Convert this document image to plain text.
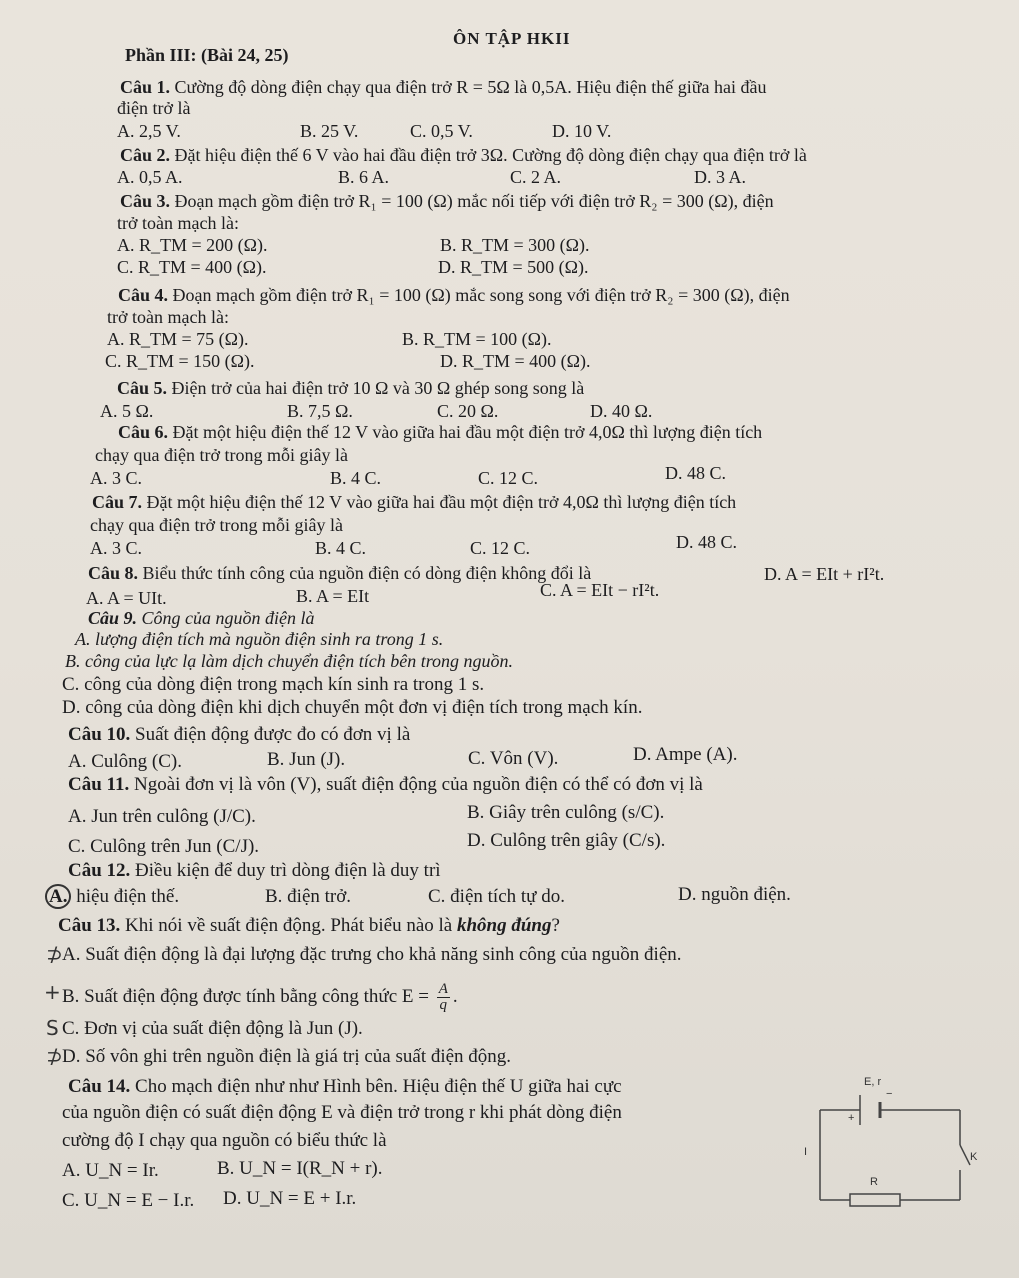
ÔN TẬP HKII
Phần III: (Bài 24, 25)
Câu 1. Cường độ dòng điện chạy qua điện trở R = 5Ω là 0,5A. Hiệu điện thế giữa hai đầu
điện trở là
A. 2,5 V.	B. 25 V.	C. 0,5 V.	D. 10 V.
Câu 2. Đặt hiệu điện thế 6 V vào hai đầu điện trở 3Ω. Cường độ dòng điện chạy qua điện trở là
A. 0,5 A.	B. 6 A.	C. 2 A.	D. 3 A.
Câu 3. Đoạn mạch gồm điện trở R₁ = 100 (Ω) mắc nối tiếp với điện trở R₂ = 300 (Ω), điện
trở toàn mạch là:
A. R_TM = 200 (Ω).	B. R_TM = 300 (Ω).
C. R_TM = 400 (Ω).	D. R_TM = 500 (Ω).
Câu 4. Đoạn mạch gồm điện trở R₁ = 100 (Ω) mắc song song với điện trở R₂ = 300 (Ω), điện
trở toàn mạch là:
A. R_TM = 75 (Ω).	B. R_TM = 100 (Ω).
C. R_TM = 150 (Ω).	D. R_TM = 400 (Ω).
Câu 5. Điện trở của hai điện trở 10 Ω và 30 Ω ghép song song là
A. 5 Ω.	B. 7,5 Ω.	C. 20 Ω.	D. 40 Ω.
Câu 6. Đặt một hiệu điện thế 12 V vào giữa hai đầu một điện trở 4,0Ω thì lượng điện tích
chạy qua điện trở trong mỗi giây là
A. 3 C.	B. 4 C.	C. 12 C.	D. 48 C.
Câu 7. Đặt một hiệu điện thế 12 V vào giữa hai đầu một điện trở 4,0Ω thì lượng điện tích
chạy qua điện trở trong mỗi giây là
A. 3 C.	B. 4 C.	C. 12 C.	D. 48 C.
Câu 8. Biểu thức tính công của nguồn điện có dòng điện không đổi là
A. A = UIt.	B. A = EIt	C. A = EIt − rI²t.
D. A = EIt + rI²t.
Câu 9. Công của nguồn điện là
A. lượng điện tích mà nguồn điện sinh ra trong 1 s.
B. công của lực lạ làm dịch chuyển điện tích bên trong nguồn.
C. công của dòng điện trong mạch kín sinh ra trong 1 s.
D. công của dòng điện khi dịch chuyển một đơn vị điện tích trong mạch kín.
Câu 10. Suất điện động được đo có đơn vị là
A. Culông (C).	B. Jun (J).	C. Vôn (V).	D. Ampe (A).
Câu 11. Ngoài đơn vị là vôn (V), suất điện động của nguồn điện có thể có đơn vị là
A. Jun trên culông (J/C).	B. Giây trên culông (s/C).
C. Culông trên Jun (C/J).	D. Culông trên giây (C/s).
Câu 12. Điều kiện để duy trì dòng điện là duy trì
A. hiệu điện thế.	B. điện trở.	C. điện tích tự do.	D. nguồn điện.
Câu 13. Khi nói về suất điện động. Phát biểu nào là không đúng?
A. Suất điện động là đại lượng đặc trưng cho khả năng sinh công của nguồn điện.
B. Suất điện động được tính bằng công thức $E = \frac{A}{q}$ .
C. Đơn vị của suất điện động là Jun (J).
D. Số vôn ghi trên nguồn điện là giá trị của suất điện động.
⊅
+
S
⊅
Câu 14. Cho mạch điện như như Hình bên. Hiệu điện thế U giữa hai cực
của nguồn điện có suất điện động E và điện trở trong r khi phát dòng điện
cường độ I chạy qua nguồn có biểu thức là
A. U_N = Ir.	B. U_N = I(R_N + r).
C. U_N = E − I.r. D. U_N = E + I.r.
E, r
+
−
I	K
R
